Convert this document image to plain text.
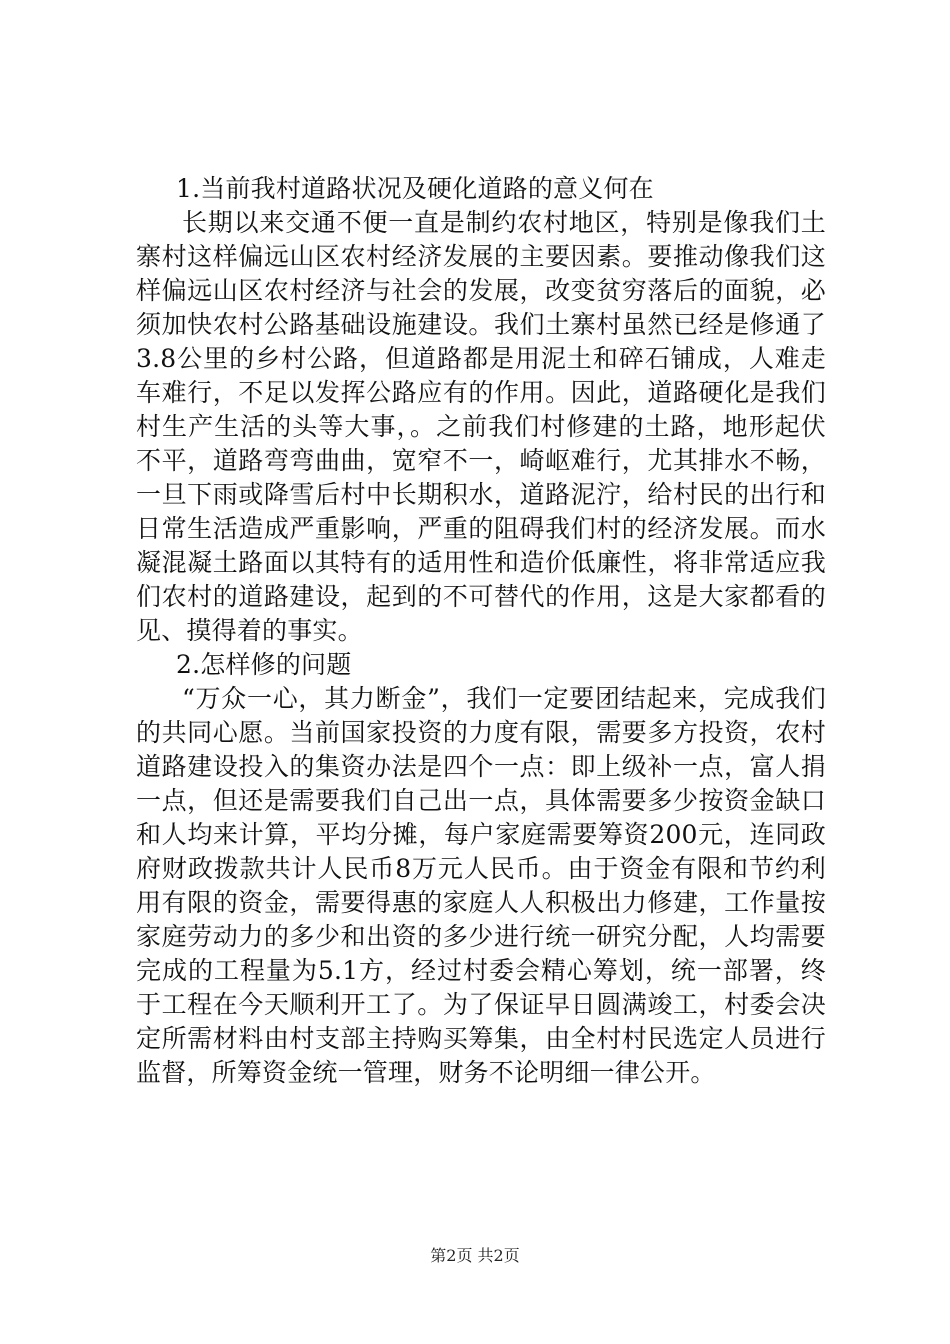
1.当前我村道路状况及硬化道路的意义何在

长期以来交通不便一直是制约农村地区，特别是像我们土寨村这样偏远山区农村经济发展的主要因素。要推动像我们这样偏远山区农村经济与社会的发展，改变贫穷落后的面貌，必须加快农村公路基础设施建设。我们土寨村虽然已经是修通了3.8公里的乡村公路，但道路都是用泥土和碎石铺成，人难走车难行，不足以发挥公路应有的作用。因此，道路硬化是我们村生产生活的头等大事，。之前我们村修建的土路，地形起伏不平，道路弯弯曲曲，宽窄不一，崎岖难行，尤其排水不畅，一旦下雨或降雪后村中长期积水，道路泥泞，给村民的出行和日常生活造成严重影响，严重的阻碍我们村的经济发展。而水凝混凝土路面以其特有的适用性和造价低廉性，将非常适应我们农村的道路建设，起到的不可替代的作用，这是大家都看的见、摸得着的事实。

2.怎样修的问题

“万众一心，其力断金”，我们一定要团结起来，完成我们的共同心愿。当前国家投资的力度有限，需要多方投资，农村道路建设投入的集资办法是四个一点：即上级补一点，富人捐一点，但还是需要我们自己出一点，具体需要多少按资金缺口和人均来计算，平均分摊，每户家庭需要筹资200元，连同政府财政拨款共计人民币8万元人民币。由于资金有限和节约利用有限的资金，需要得惠的家庭人人积极出力修建，工作量按家庭劳动力的多少和出资的多少进行统一研究分配，人均需要完成的工程量为5.1方，经过村委会精心筹划，统一部署，终于工程在今天顺利开工了。为了保证早日圆满竣工，村委会决定所需材料由村支部主持购买筹集，由全村村民选定人员进行监督，所筹资金统一管理，财务不论明细一律公开。

第2页 共2页
